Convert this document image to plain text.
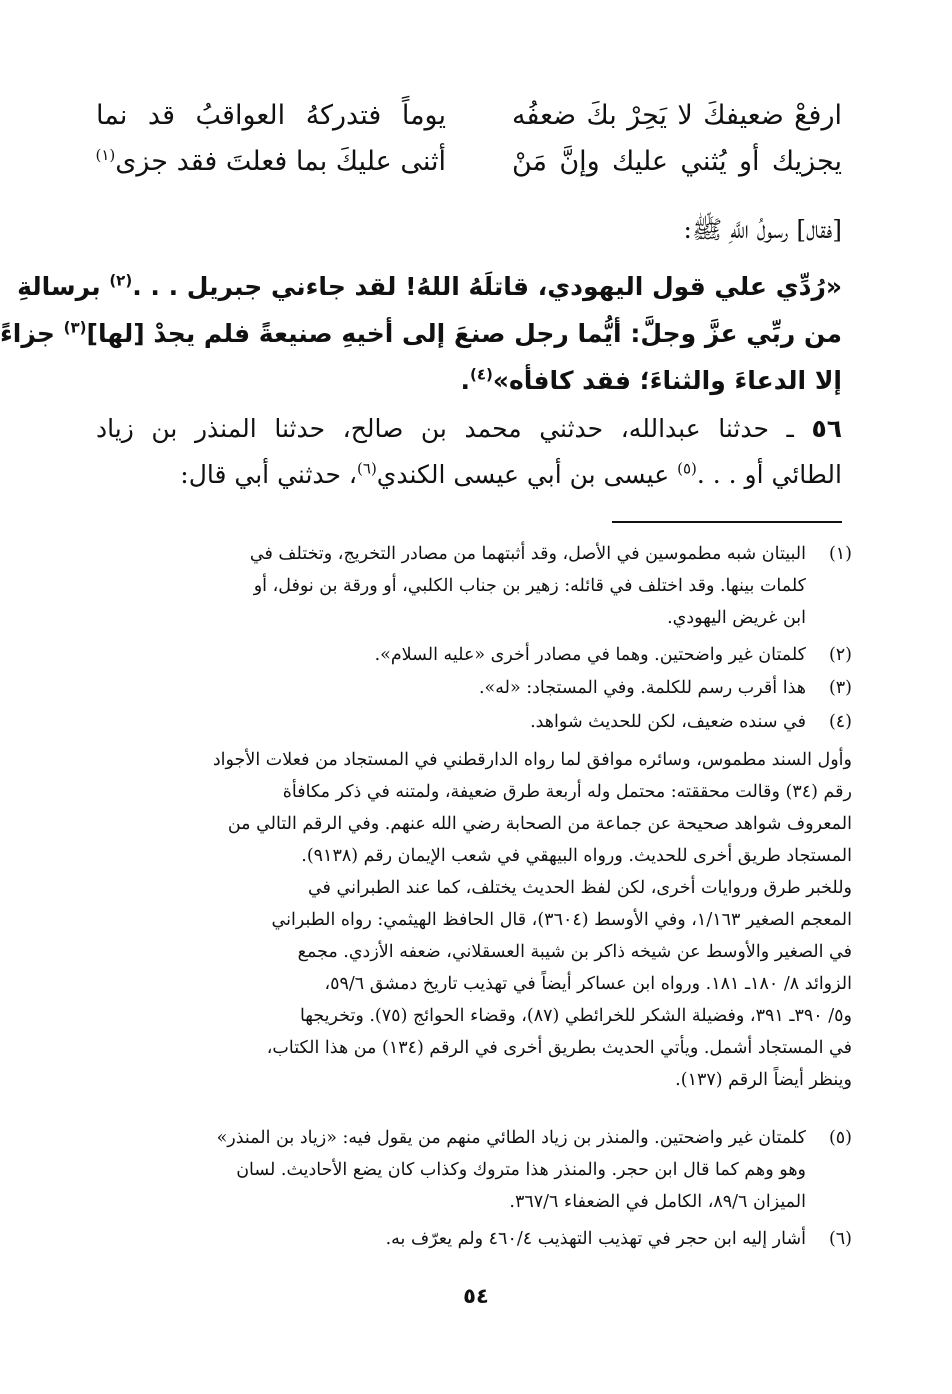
ارفعْ ضعيفكَ لا يَحِرْ بكَ ضعفُه
يوماً فتدركهُ العواقبُ قد نما
يجزيك أو يُثني عليك وإنَّ مَنْ
أثنى عليكَ بما فعلتَ فقد جزى$^{(١)}$
[فقال] رسولُ اللَّهِ ﷺ:
«رُدِّي علي قول اليهودي، قاتلَهُ اللهُ! لقد جاءني جبريل . . .$^{(٢)}$ برسالةِ
من ربِّي عزَّ وجلَّ: أيُّما رجل صنعَ إلى أخيهِ صنيعةً فلم يجدْ [لها]$^{(٣)}$ جزاءً
إلا الدعاءَ والثناءَ؛ فقد كافأه»$^{(٤)}$.
٥٦ ـ حدثنا عبدالله، حدثني محمد بن صالح، حدثنا المنذر بن زياد
الطائي أو . . .$^{(٥)}$ عيسى بن أبي عيسى الكندي$^{(٦)}$، حدثني أبي قال:
(١)

البيتان شبه مطموسين في الأصل، وقد أثبتهما من مصادر التخريج، وتختلف في

كلمات بينها. وقد اختلف في قائله: زهير بن جناب الكلبي، أو ورقة بن نوفل، أو

ابن غريض اليهودي.

(٢)

كلمتان غير واضحتين. وهما في مصادر أخرى «عليه السلام».

(٣)

هذا أقرب رسم للكلمة. وفي المستجاد: «له».

(٤)

في سنده ضعيف، لكن للحديث شواهد.

وأول السند مطموس، وسائره موافق لما رواه الدارقطني في المستجاد من فعلات الأجواد

رقم (٣٤) وقالت محققته: محتمل وله أربعة طرق ضعيفة، ولمتنه في ذكر مكافأة

المعروف شواهد صحيحة عن جماعة من الصحابة رضي الله عنهم. وفي الرقم التالي من

المستجاد طريق أخرى للحديث. ورواه البيهقي في شعب الإيمان رقم (٩١٣٨).

وللخبر طرق وروايات أخرى، لكن لفظ الحديث يختلف، كما عند الطبراني في

المعجم الصغير ١/١٦٣، وفي الأوسط (٣٦٠٤)، قال الحافظ الهيثمي: رواه الطبراني

في الصغير والأوسط عن شيخه ذاكر بن شيبة العسقلاني، ضعفه الأزدي. مجمع

الزوائد ٨/ ١٨٠ـ ١٨١. ورواه ابن عساكر أيضاً في تهذيب تاريخ دمشق ٥٩/٦،

و٥/ ٣٩٠ـ ٣٩١، وفضيلة الشكر للخرائطي (٨٧)، وقضاء الحوائج (٧٥). وتخريجها

في المستجاد أشمل. ويأتي الحديث بطريق أخرى في الرقم (١٣٤) من هذا الكتاب،

وينظر أيضاً الرقم (١٣٧).

(٥)

كلمتان غير واضحتين. والمنذر بن زياد الطائي منهم من يقول فيه: «زياد بن المنذر»

وهو وهم كما قال ابن حجر. والمنذر هذا متروك وكذاب كان يضع الأحاديث. لسان

الميزان ٨٩/٦، الكامل في الضعفاء ٣٦٧/٦.

(٦)

أشار إليه ابن حجر في تهذيب التهذيب ٤٦٠/٤ ولم يعرّف به.

٥٤
